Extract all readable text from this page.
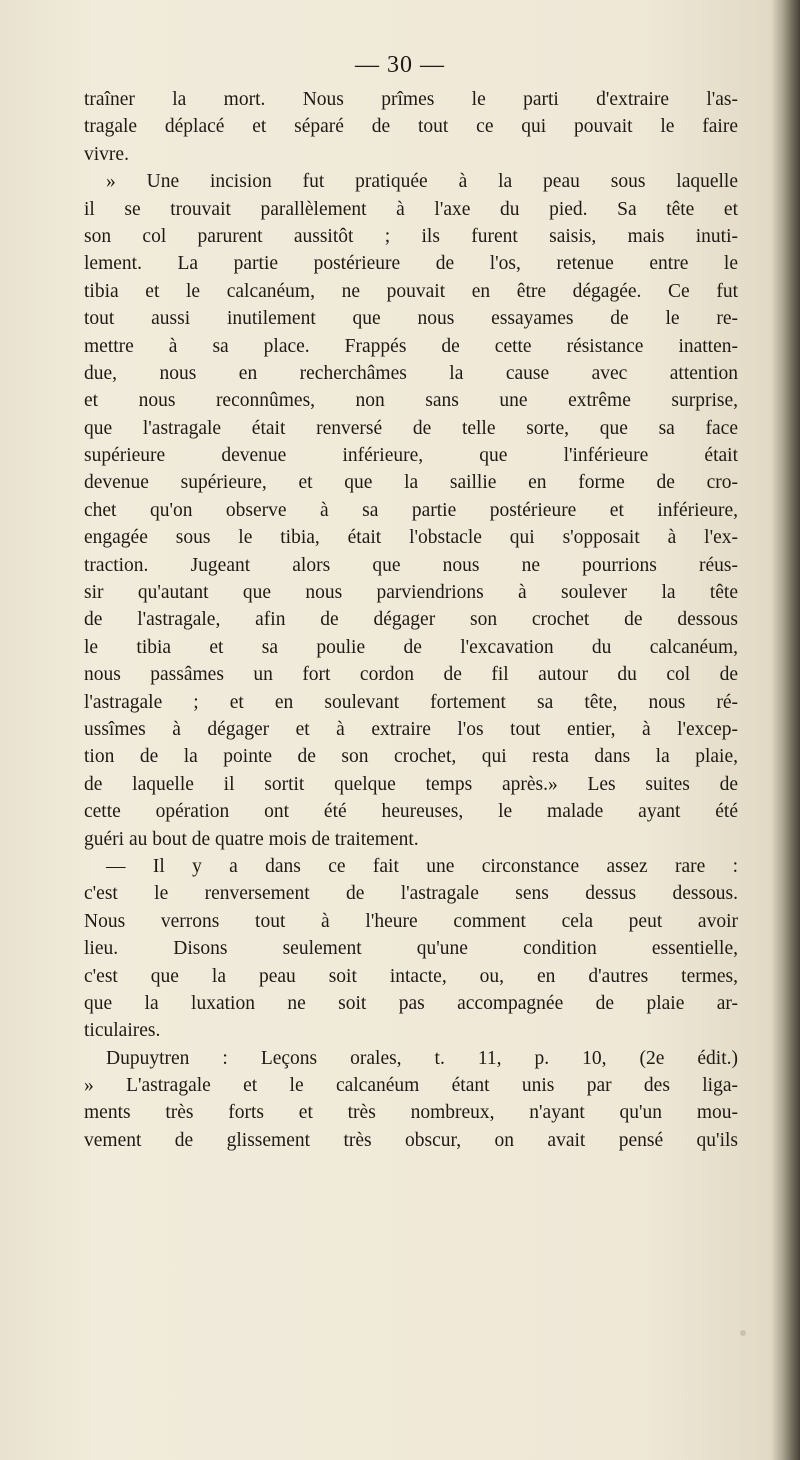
— 30 —
traîner la mort. Nous prîmes le parti d'extraire l'as-
tragale déplacé et séparé de tout ce qui pouvait le faire
vivre.
» Une incision fut pratiquée à la peau sous laquelle
il se trouvait parallèlement à l'axe du pied. Sa tête et
son col parurent aussitôt ; ils furent saisis, mais inuti-
lement. La partie postérieure de l'os, retenue entre le
tibia et le calcanéum, ne pouvait en être dégagée. Ce fut
tout aussi inutilement que nous essayames de le re-
mettre à sa place. Frappés de cette résistance inatten-
due, nous en recherchâmes la cause avec attention
et nous reconnûmes, non sans une extrême surprise,
que l'astragale était renversé de telle sorte, que sa face
supérieure devenue inférieure, que l'inférieure était
devenue supérieure, et que la saillie en forme de cro-
chet qu'on observe à sa partie postérieure et inférieure,
engagée sous le tibia, était l'obstacle qui s'opposait à l'ex-
traction. Jugeant alors que nous ne pourrions réus-
sir qu'autant que nous parviendrions à soulever la tête
de l'astragale, afin de dégager son crochet de dessous
le tibia et sa poulie de l'excavation du calcanéum,
nous passâmes un fort cordon de fil autour du col de
l'astragale ; et en soulevant fortement sa tête, nous ré-
ussîmes à dégager et à extraire l'os tout entier, à l'excep-
tion de la pointe de son crochet, qui resta dans la plaie,
de laquelle il sortit quelque temps après.» Les suites de
cette opération ont été heureuses, le malade ayant été
guéri au bout de quatre mois de traitement.
— Il y a dans ce fait une circonstance assez rare :
c'est le renversement de l'astragale sens dessus dessous.
Nous verrons tout à l'heure comment cela peut avoir
lieu. Disons seulement qu'une condition essentielle,
c'est que la peau soit intacte, ou, en d'autres termes,
que la luxation ne soit pas accompagnée de plaie ar-
ticulaires.
Dupuytren : Leçons orales, t. 11, p. 10, (2e édit.)
» L'astragale et le calcanéum étant unis par des liga-
ments très forts et très nombreux, n'ayant qu'un mou-
vement de glissement très obscur, on avait pensé qu'ils
